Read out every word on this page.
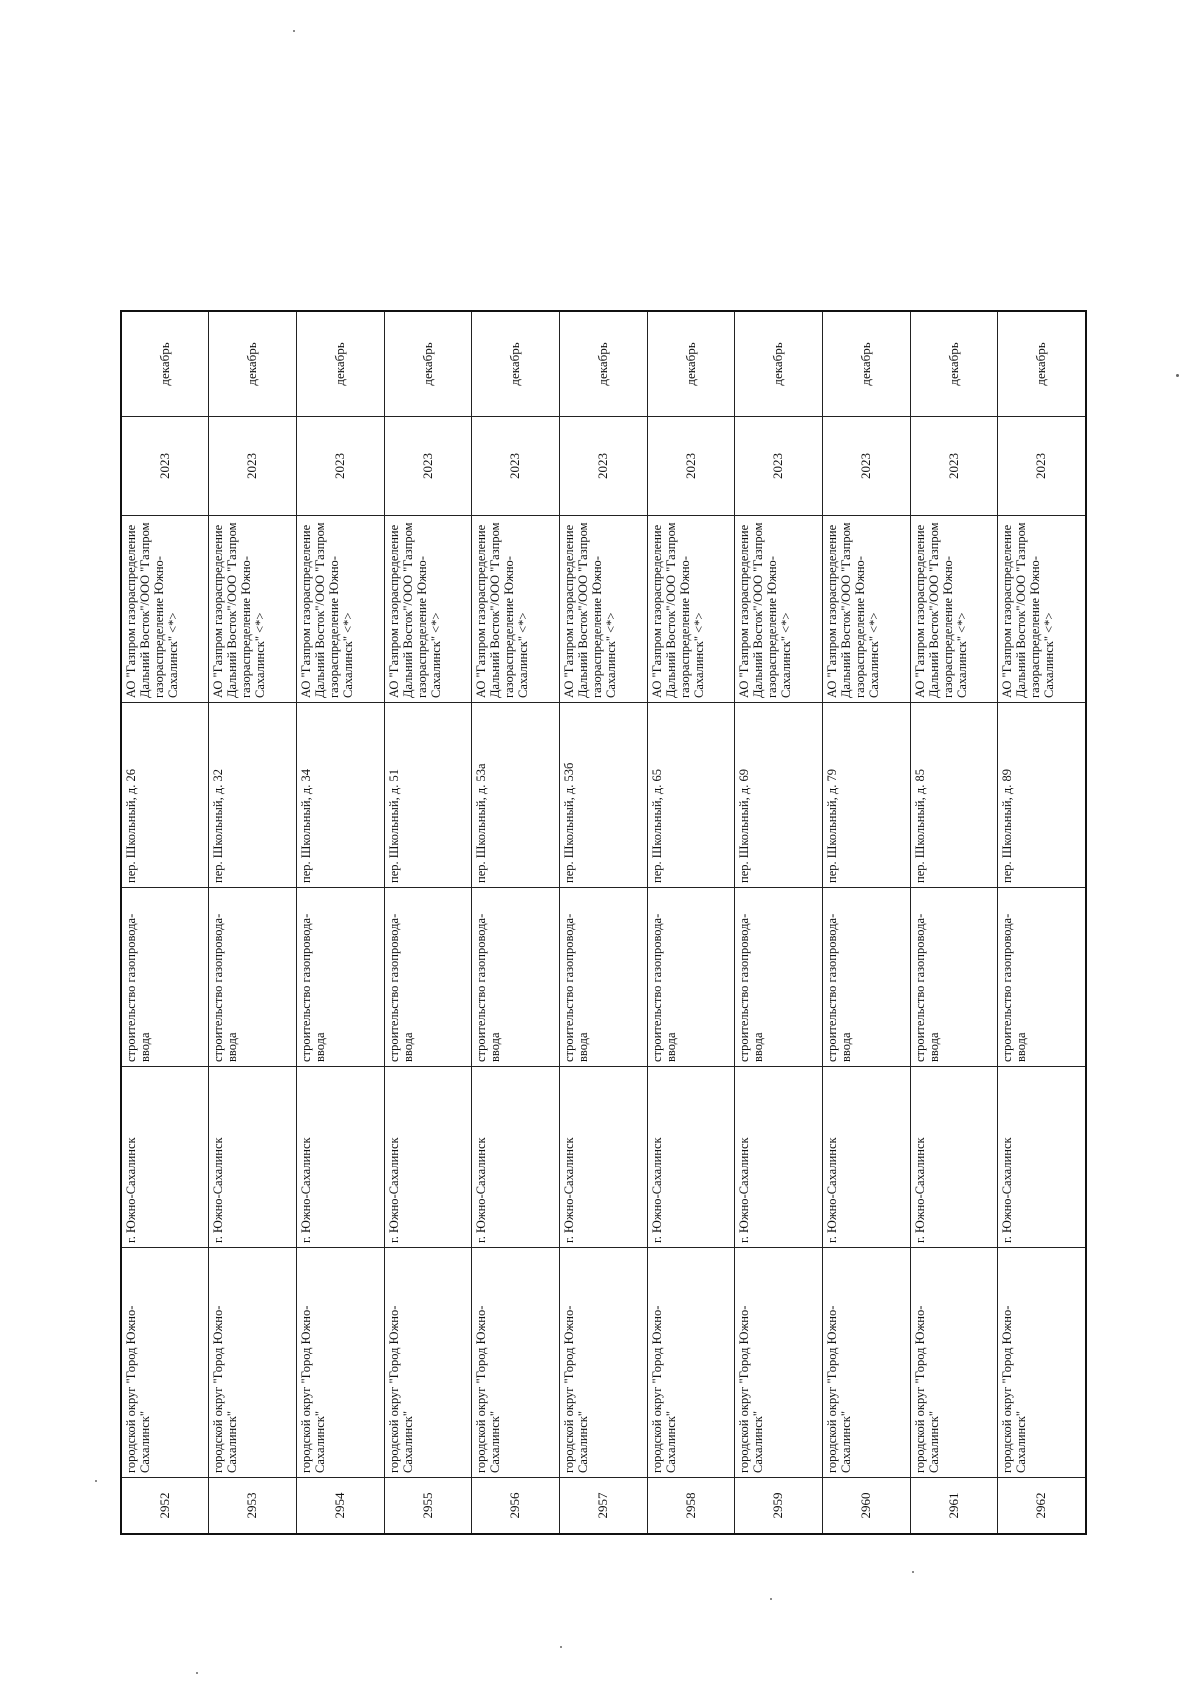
2952	городской округ "Город Южно-Сахалинск"	г. Южно-Сахалинск	строительство газопровода-ввода	пер. Школьный, д. 26	АО "Газпром газораспределение Дальний Восток"/ООО "Газпром газораспределение Южно-Сахалинск" <*>	2023	декабрь
2953	городской округ "Город Южно-Сахалинск"	г. Южно-Сахалинск	строительство газопровода-ввода	пер. Школьный, д. 32	АО "Газпром газораспределение Дальний Восток"/ООО "Газпром газораспределение Южно-Сахалинск" <*>	2023	декабрь
2954	городской округ "Город Южно-Сахалинск"	г. Южно-Сахалинск	строительство газопровода-ввода	пер. Школьный, д. 34	АО "Газпром газораспределение Дальний Восток"/ООО "Газпром газораспределение Южно-Сахалинск" <*>	2023	декабрь
2955	городской округ "Город Южно-Сахалинск"	г. Южно-Сахалинск	строительство газопровода-ввода	пер. Школьный, д. 51	АО "Газпром газораспределение Дальний Восток"/ООО "Газпром газораспределение Южно-Сахалинск" <*>	2023	декабрь
2956	городской округ "Город Южно-Сахалинск"	г. Южно-Сахалинск	строительство газопровода-ввода	пер. Школьный, д. 53а	АО "Газпром газораспределение Дальний Восток"/ООО "Газпром газораспределение Южно-Сахалинск" <*>	2023	декабрь
2957	городской округ "Город Южно-Сахалинск"	г. Южно-Сахалинск	строительство газопровода-ввода	пер. Школьный, д. 53б	АО "Газпром газораспределение Дальний Восток"/ООО "Газпром газораспределение Южно-Сахалинск" <*>	2023	декабрь
2958	городской округ "Город Южно-Сахалинск"	г. Южно-Сахалинск	строительство газопровода-ввода	пер. Школьный, д. 65	АО "Газпром газораспределение Дальний Восток"/ООО "Газпром газораспределение Южно-Сахалинск" <*>	2023	декабрь
2959	городской округ "Город Южно-Сахалинск"	г. Южно-Сахалинск	строительство газопровода-ввода	пер. Школьный, д. 69	АО "Газпром газораспределение Дальний Восток"/ООО "Газпром газораспределение Южно-Сахалинск" <*>	2023	декабрь
2960	городской округ "Город Южно-Сахалинск"	г. Южно-Сахалинск	строительство газопровода-ввода	пер. Школьный, д. 79	АО "Газпром газораспределение Дальний Восток"/ООО "Газпром газораспределение Южно-Сахалинск" <*>	2023	декабрь
2961	городской округ "Город Южно-Сахалинск"	г. Южно-Сахалинск	строительство газопровода-ввода	пер. Школьный, д. 85	АО "Газпром газораспределение Дальний Восток"/ООО "Газпром газораспределение Южно-Сахалинск" <*>	2023	декабрь
2962	городской округ "Город Южно-Сахалинск"	г. Южно-Сахалинск	строительство газопровода-ввода	пер. Школьный, д. 89	АО "Газпром газораспределение Дальний Восток"/ООО "Газпром газораспределение Южно-Сахалинск" <*>	2023	декабрь
